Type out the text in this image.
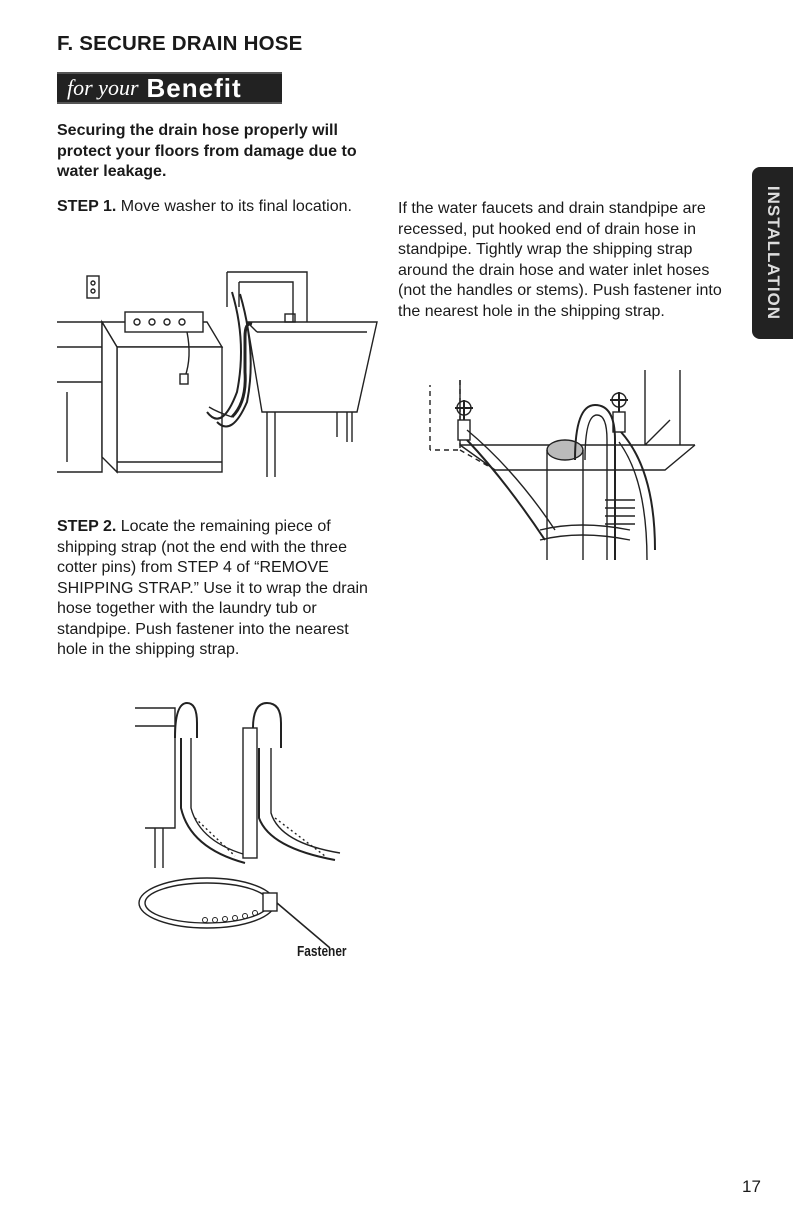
F. SECURE DRAIN HOSE
for your Benefit
Securing the drain hose properly will protect your floors from damage due to water leakage.
STEP 1. Move washer to its final location.	If the water faucets and drain standpipe are recessed, put hooked end of drain hose in standpipe. Tightly wrap the shipping strap around the drain hose and water inlet hoses (not the handles or stems). Push fastener into the nearest hole in the shipping strap.
STEP 2. Locate the remaining piece of shipping strap (not the end with the three cotter pins) from STEP 4 of “REMOVE SHIPPING STRAP.” Use it to wrap the drain hose together with the laundry tub or standpipe. Push fastener into the nearest hole in the shipping strap.
INSTALLATION
Fastener
17
